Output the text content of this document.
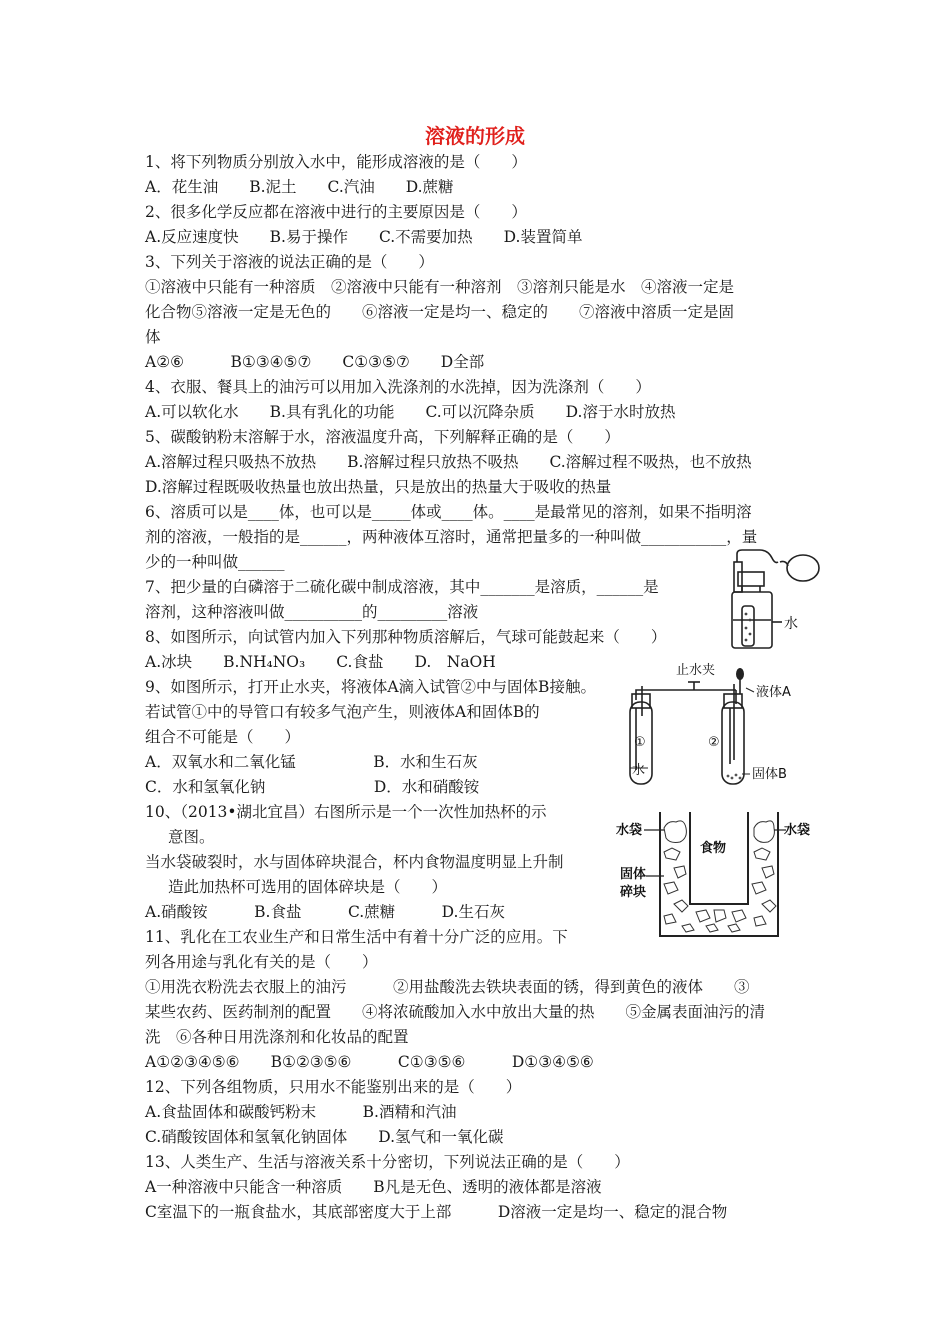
溶液的形成
1、将下列物质分别放入水中，能形成溶液的是（　　）
A．花生油　　B.泥土　　C.汽油　　D.蔗糖
2、很多化学反应都在溶液中进行的主要原因是（　　）
A.反应速度快　　B.易于操作　　C.不需要加热　　D.装置简单
3、下列关于溶液的说法正确的是（　　）
①溶液中只能有一种溶质　②溶液中只能有一种溶剂　③溶剂只能是水　④溶液一定是
化合物⑤溶液一定是无色的　　⑥溶液一定是均一、稳定的　　⑦溶液中溶质一定是固
体
A②⑥　　　B①③④⑤⑦　　C①③⑤⑦　　D全部
4、衣服、餐具上的油污可以用加入洗涤剂的水洗掉，因为洗涤剂（　　）
A.可以软化水　　B.具有乳化的功能　　C.可以沉降杂质　　D.溶于水时放热
5、碳酸钠粉末溶解于水，溶液温度升高，下列解释正确的是（　　）
A.溶解过程只吸热不放热　　B.溶解过程只放热不吸热　　C.溶解过程不吸热，也不放热
D.溶解过程既吸收热量也放出热量，只是放出的热量大于吸收的热量
6、溶质可以是____体，也可以是_____体或____体。____是最常见的溶剂，如果不指明溶
剂的溶液，一般指的是______，两种液体互溶时，通常把量多的一种叫做___________，量
少的一种叫做______
7、把少量的白磷溶于二硫化碳中制成溶液，其中_______是溶质，______是
溶剂，这种溶液叫做__________的_________溶液
8、如图所示，向试管内加入下列那种物质溶解后，气球可能鼓起来（　　）
A.冰块　　B.NH₄NO₃　　C.食盐　　D.　NaOH
9、如图所示，打开止水夹，将液体A滴入试管②中与固体B接触。
若试管①中的导管口有较多气泡产生，则液体A和固体B的
组合不可能是（　　）
A．双氧水和二氧化锰　　　　　B．水和生石灰
C．水和氢氧化钠　　　　　　　D．水和硝酸铵
10、（2013•湖北宜昌）右图所示是一个一次性加热杯的示
意图。
当水袋破裂时，水与固体碎块混合，杯内食物温度明显上升制
造此加热杯可选用的固体碎块是（　　）
A.硝酸铵　　　B.食盐　　　C.蔗糖　　　D.生石灰
11、乳化在工农业生产和日常生活中有着十分广泛的应用。下
列各用途与乳化有关的是（　　）
①用洗衣粉洗去衣服上的油污　　　②用盐酸洗去铁块表面的锈，得到黄色的液体　　③
某些农药、医药制剂的配置　　④将浓硫酸加入水中放出大量的热　　⑤金属表面油污的清
洗　⑥各种日用洗涤剂和化妆品的配置
A①②③④⑤⑥　　B①②③⑤⑥　　　C①③⑤⑥　　　D①③④⑤⑥
12、下列各组物质，只用水不能鉴别出来的是（　　）
A.食盐固体和碳酸钙粉末　　　B.酒精和汽油
C.硝酸铵固体和氢氧化钠固体　　D.氢气和一氧化碳
13、人类生产、生活与溶液关系十分密切，下列说法正确的是（　　）
A一种溶液中只能含一种溶质　　B凡是无色、透明的液体都是溶液
C室温下的一瓶食盐水，其底部密度大于上部　　　D溶液一定是均一、稳定的混合物
水
止水夹
液体A
固体B
①	②
水
水袋	水袋
食物
固体
碎块
